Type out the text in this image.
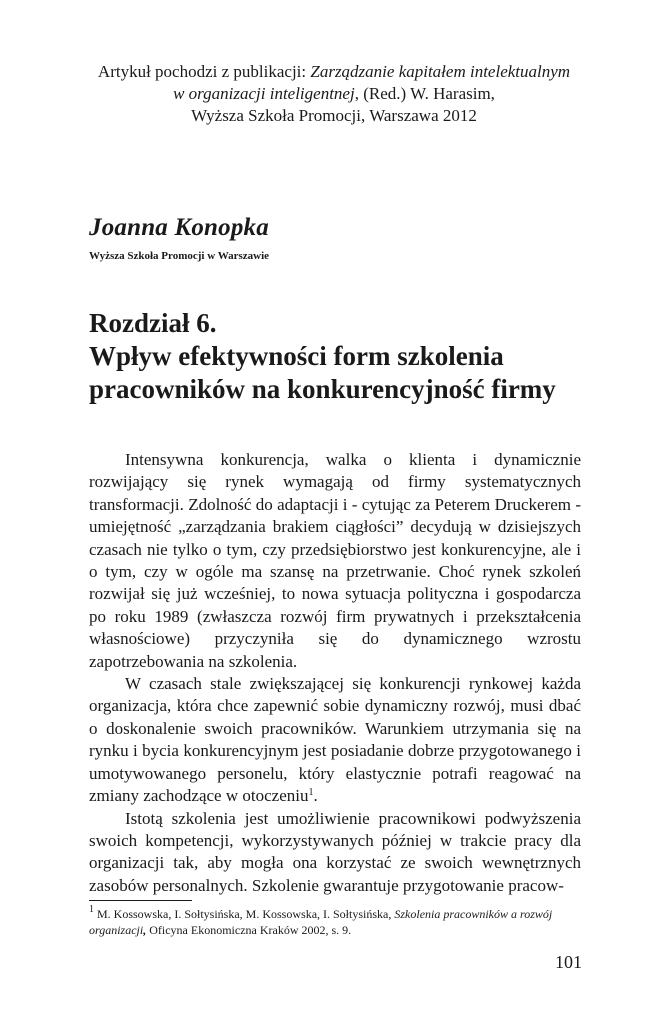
Artykuł pochodzi z publikacji: Zarządzanie kapitałem intelektualnym
w organizacji inteligentnej, (Red.) W. Harasim,
Wyższa Szkoła Promocji, Warszawa 2012
Joanna Konopka
Wyższa Szkoła Promocji w Warszawie
Rozdział 6.
Wpływ efektywności form szkolenia
pracowników na konkurencyjność firmy

Intensywna konkurencja, walka o klienta i dynamicznie rozwijający się rynek wymagają od firmy systematycznych transformacji. Zdolność do adaptacji i - cytując za Peterem Druckerem - umiejętność „zarządzania brakiem ciągłości” decydują w dzisiejszych czasach nie tylko o tym, czy przedsiębiorstwo jest konkurencyjne, ale i o tym, czy w ogóle ma szansę na przetrwanie. Choć rynek szkoleń rozwijał się już wcześniej, to nowa sytuacja polityczna i gospodarcza po roku 1989 (zwłaszcza rozwój firm prywatnych i przekształcenia własnościowe) przyczyniła się do dynamicznego wzrostu zapotrzebowania na szkolenia.

W czasach stale zwiększającej się konkurencji rynkowej każda organizacja, która chce zapewnić sobie dynamiczny rozwój, musi dbać o doskonalenie swoich pracowników. Warunkiem utrzymania się na rynku i bycia konkurencyjnym jest posiadanie dobrze przygotowanego i umotywowanego personelu, który elastycznie potrafi reagować na zmiany zachodzące w otoczeniu$^1$.

Istotą szkolenia jest umożliwienie pracownikowi podwyższenia swoich kompetencji, wykorzystywanych później w trakcie pracy dla organizacji tak, aby mogła ona korzystać ze swoich wewnętrznych zasobów personalnych. Szkolenie gwarantuje przygotowanie pracow-

$^1$ M. Kossowska, I. Sołtysińska, M. Kossowska, I. Sołtysińska, Szkolenia pracowników a rozwój organizacji, Oficyna Ekonomiczna Kraków 2002, s. 9.
101
